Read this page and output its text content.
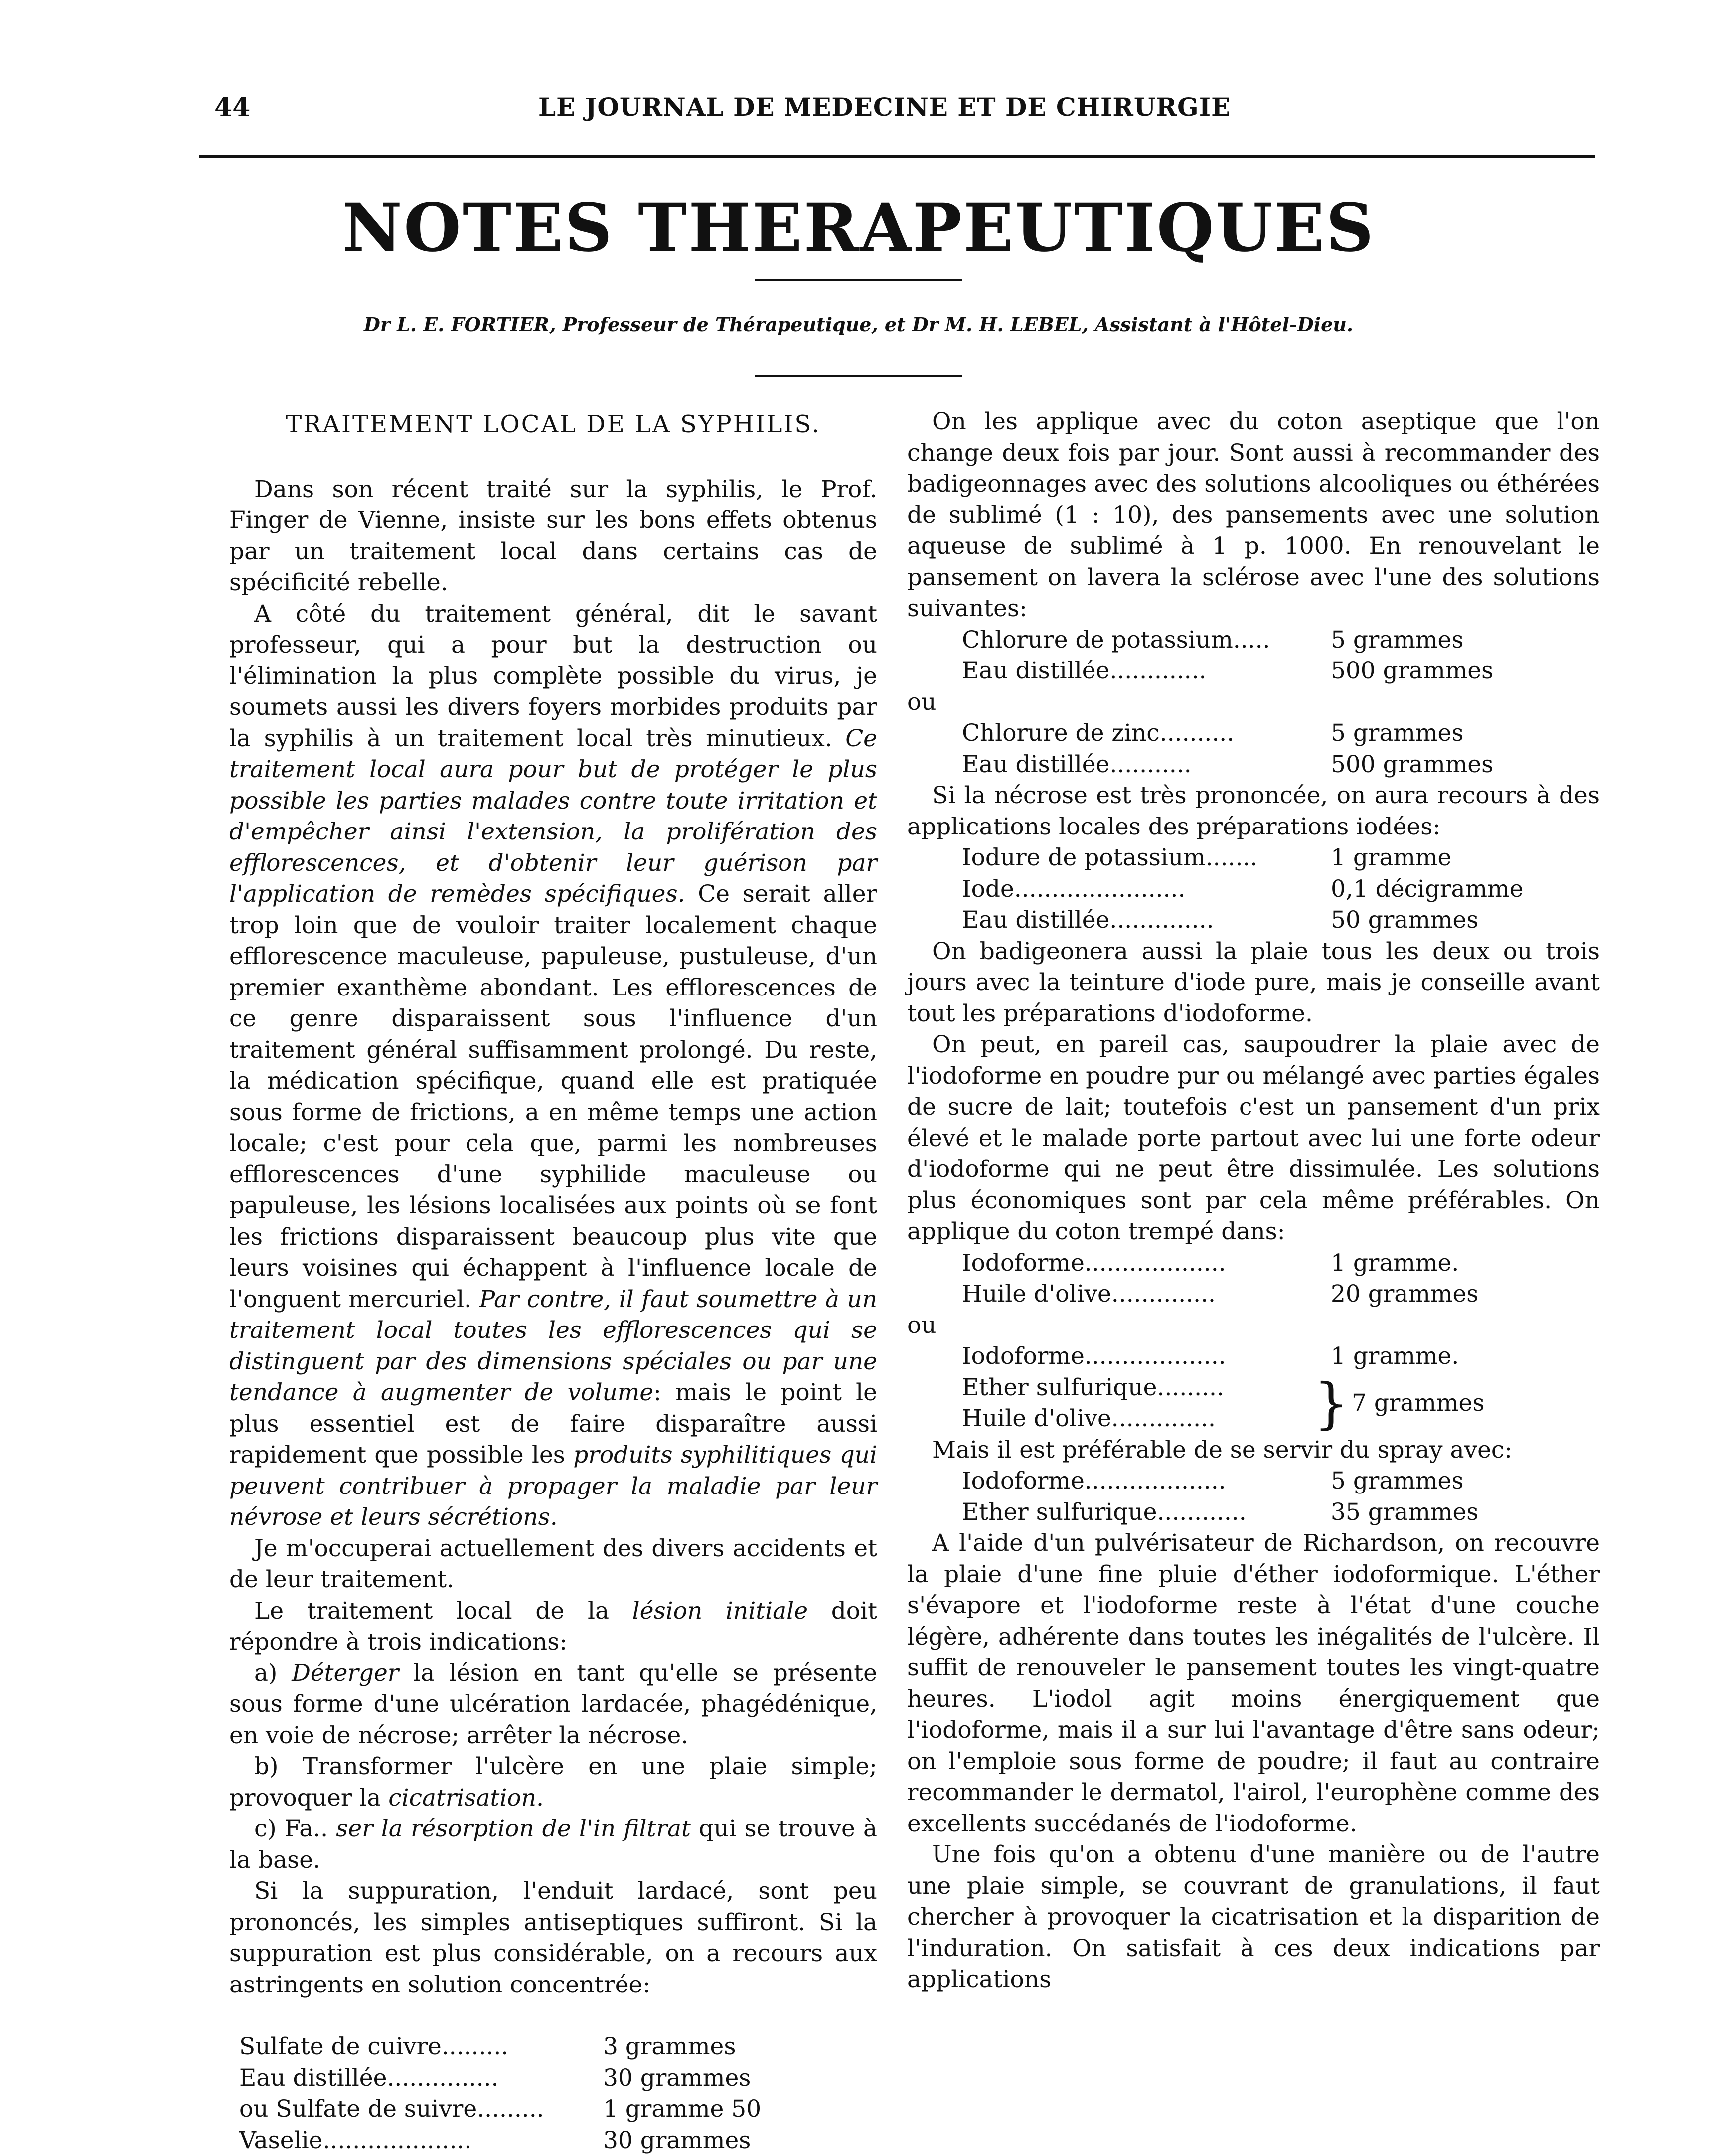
44	LE JOURNAL DE MEDECINE ET DE CHIRURGIE
NOTES THERAPEUTIQUES
Dr L. E. FORTIER, Professeur de Thérapeutique, et Dr M. H. LEBEL, Assistant à l'Hôtel-Dieu.
TRAITEMENT LOCAL DE LA SYPHILIS.

Dans son récent traité sur la syphilis, le Prof. Finger de Vienne, insiste sur les bons effets obtenus par un traitement local dans certains cas de spécificité rebelle.

A côté du traitement général, dit le savant professeur, qui a pour but la destruction ou l'élimination la plus complète possible du virus, je soumets aussi les divers foyers morbides produits par la syphilis à un traitement local très minutieux. Ce traitement local aura pour but de protéger le plus possible les parties malades contre toute irritation et d'empêcher ainsi l'extension, la prolifération des efflorescences, et d'obtenir leur guérison par l'application de remèdes spécifiques. Ce serait aller trop loin que de vouloir traiter localement chaque efflorescence maculeuse, papuleuse, pustuleuse, d'un premier exanthème abondant. Les efflorescences de ce genre disparaissent sous l'influence d'un traitement général suffisamment prolongé. Du reste, la médication spécifique, quand elle est pratiquée sous forme de frictions, a en même temps une action locale; c'est pour cela que, parmi les nombreuses efflorescences d'une syphilide maculeuse ou papuleuse, les lésions localisées aux points où se font les frictions disparaissent beaucoup plus vite que leurs voisines qui échappent à l'influence locale de l'onguent mercuriel. Par contre, il faut soumettre à un traitement local toutes les efflorescences qui se distinguent par des dimensions spéciales ou par une tendance à augmenter de volume: mais le point le plus essentiel est de faire disparaître aussi rapidement que possible les produits syphilitiques qui peuvent contribuer à propager la maladie par leur névrose et leurs sécrétions.

Je m'occuperai actuellement des divers accidents et de leur traitement.

Le traitement local de la lésion initiale doit répondre à trois indications:

a) Déterger la lésion en tant qu'elle se présente sous forme d'une ulcération lardacée, phagédénique, en voie de nécrose; arrêter la nécrose.

b) Transformer l'ulcère en une plaie simple; provoquer la cicatrisation.

c) Fa.. ser la résorption de l'in filtrat qui se trouve à la base.

Si la suppuration, l'enduit lardacé, sont peu prononcés, les simples antiseptiques suffiront. Si la suppuration est plus considérable, on a recours aux astringents en solution concentrée:

Sulfate de cuivre.........	3 grammes
Eau distillée...............	30 grammes
ou Sulfate de suivre.........	1 gramme 50
Vaselie....................	30 grammes

On les applique avec du coton aseptique que l'on change deux fois par jour. Sont aussi à recommander des badigeonnages avec des solutions alcooliques ou éthérées de sublimé (1 : 10), des pansements avec une solution aqueuse de sublimé à 1 p. 1000. En renouvelant le pansement on lavera la sclérose avec l'une des solutions suivantes:

Chlorure de potassium.....	5 grammes
Eau distillée.............	500 grammes

ou

Chlorure de zinc..........	5 grammes
Eau distillée...........	500 grammes

Si la nécrose est très prononcée, on aura recours à des applications locales des préparations iodées:

Iodure de potassium.......	1 gramme
Iode.......................	0,1 décigramme
Eau distillée..............	50 grammes

On badigeonera aussi la plaie tous les deux ou trois jours avec la teinture d'iode pure, mais je conseille avant tout les préparations d'iodoforme.

On peut, en pareil cas, saupoudrer la plaie avec de l'iodoforme en poudre pur ou mélangé avec parties égales de sucre de lait; toutefois c'est un pansement d'un prix élevé et le malade porte partout avec lui une forte odeur d'iodoforme qui ne peut être dissimulée. Les solutions plus économiques sont par cela même préférables. On applique du coton trempé dans:

Iodoforme...................	1 gramme.
Huile d'olive..............	20 grammes

ou

Iodoforme...................	1 gramme.
Ether sulfurique.........
Huile d'olive..............	} 7 grammes

Mais il est préférable de se servir du spray avec:

Iodoforme...................	5 grammes
Ether sulfurique............	35 grammes

A l'aide d'un pulvérisateur de Richardson, on recouvre la plaie d'une fine pluie d'éther iodoformique. L'éther s'évapore et l'iodoforme reste à l'état d'une couche légère, adhérente dans toutes les inégalités de l'ulcère. Il suffit de renouveler le pansement toutes les vingt-quatre heures. L'iodol agit moins énergiquement que l'iodoforme, mais il a sur lui l'avantage d'être sans odeur; on l'emploie sous forme de poudre; il faut au contraire recommander le dermatol, l'airol, l'europhène comme des excellents succédanés de l'iodoforme.

Une fois qu'on a obtenu d'une manière ou de l'autre une plaie simple, se couvrant de granulations, il faut chercher à provoquer la cicatrisation et la disparition de l'induration. On satisfait à ces deux indications par applications
